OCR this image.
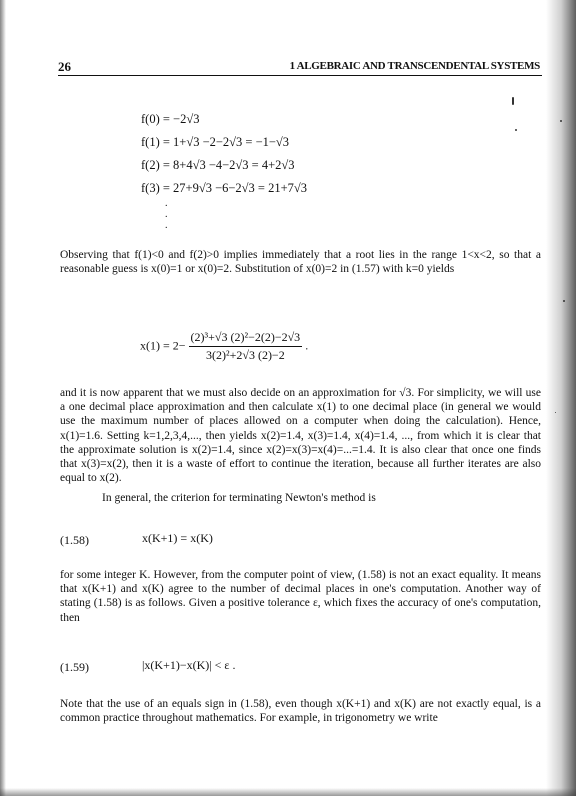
26	1 ALGEBRAIC AND TRANSCENDENTAL SYSTEMS
f(0) = −2√3
f(1) = 1+√3 −2−2√3 = −1−√3
f(2) = 8+4√3 −4−2√3 = 4+2√3
f(3) = 27+9√3 −6−2√3 = 21+7√3
.
.
.

Observing that f(1)<0 and f(2)>0 implies immediately that a root lies in the range 1<x<2, so that a reasonable guess is x(0)=1 or x(0)=2. Substitution of x(0)=2 in (1.57) with k=0 yields

$x(1) = 2- \frac{\text{(2)³+√3 (2)²−2(2)−2√3}}{\text{3(2)²+2√3 (2)−2}}$ .

and it is now apparent that we must also decide on an approximation for √3. For simplicity, we will use a one decimal place approximation and then calculate x(1) to one decimal place (in general we would use the maximum number of places allowed on a computer when doing the calculation). Hence, x(1)=1.6. Setting k=1,2,3,4,..., then yields x(2)=1.4, x(3)=1.4, x(4)=1.4, ..., from which it is clear that the approximate solution is x(2)=1.4, since x(2)=x(3)=x(4)=...=1.4. It is also clear that once one finds that x(3)=x(2), then it is a waste of effort to continue the iteration, because all further iterates are also equal to x(2).

In general, the criterion for terminating Newton's method is

(1.58)	x(K+1) = x(K)

for some integer K. However, from the computer point of view, (1.58) is not an exact equality. It means that x(K+1) and x(K) agree to the number of decimal places in one's computation. Another way of stating (1.58) is as follows. Given a positive tolerance ε, which fixes the accuracy of one's computation, then

(1.59)	|x(K+1)−x(K)| < ε .

Note that the use of an equals sign in (1.58), even though x(K+1) and x(K) are not exactly equal, is a common practice throughout mathematics. For example, in trigonometry we write
